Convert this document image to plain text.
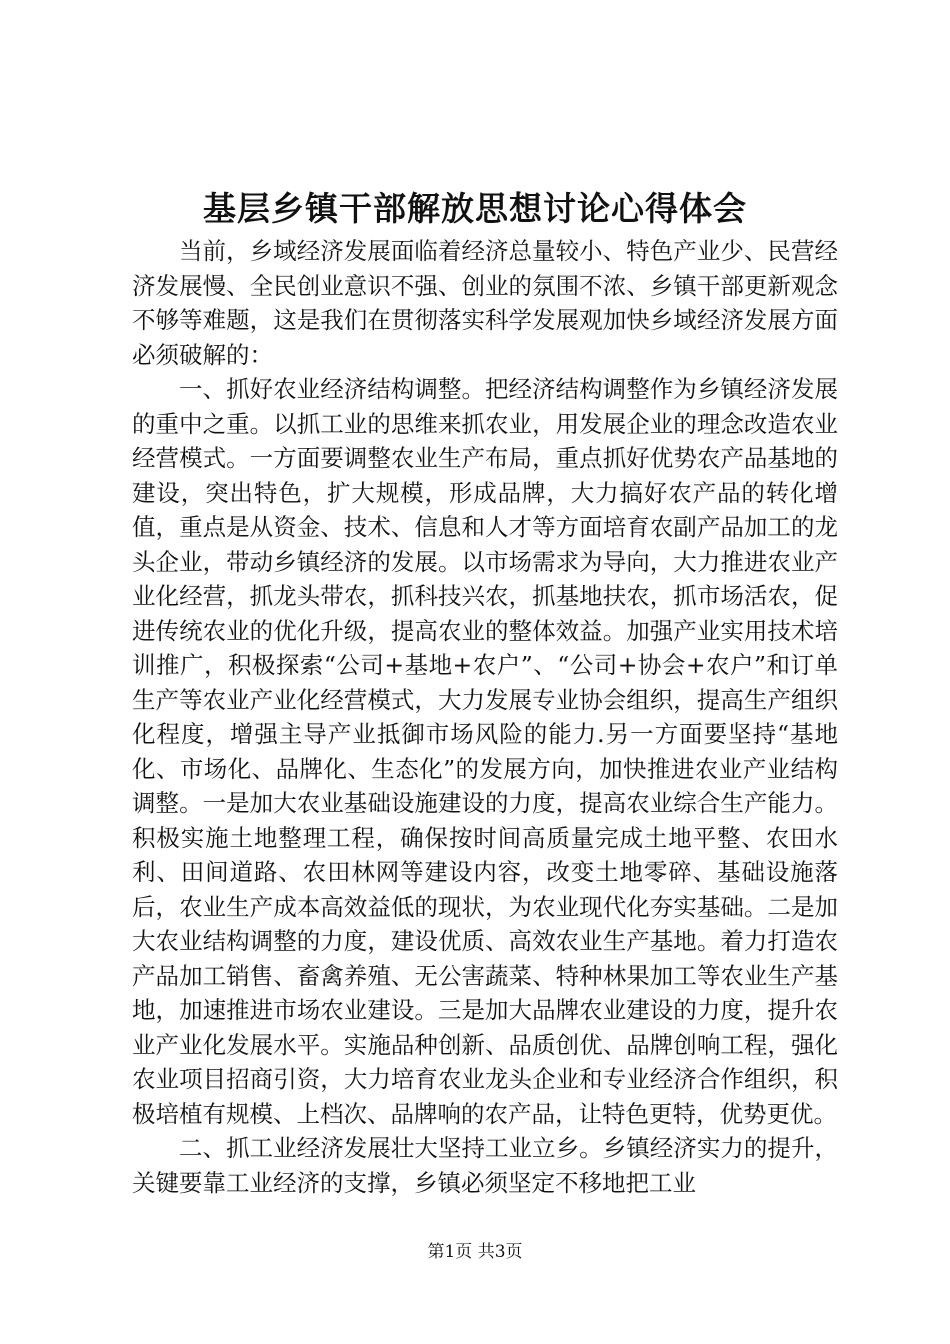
基层乡镇干部解放思想讨论心得体会

当前，乡域经济发展面临着经济总量较小、特色产业少、民营经济发展慢、全民创业意识不强、创业的氛围不浓、乡镇干部更新观念不够等难题，这是我们在贯彻落实科学发展观加快乡域经济发展方面必须破解的：

一、抓好农业经济结构调整。把经济结构调整作为乡镇经济发展的重中之重。以抓工业的思维来抓农业，用发展企业的理念改造农业经营模式。一方面要调整农业生产布局，重点抓好优势农产品基地的建设，突出特色，扩大规模，形成品牌，大力搞好农产品的转化增值，重点是从资金、技术、信息和人才等方面培育农副产品加工的龙头企业，带动乡镇经济的发展。以市场需求为导向，大力推进农业产业化经营，抓龙头带农，抓科技兴农，抓基地扶农，抓市场活农，促进传统农业的优化升级，提高农业的整体效益。加强产业实用技术培训推广，积极探索“公司+基地+农户”、“公司+协会+农户”和订单生产等农业产业化经营模式，大力发展专业协会组织，提高生产组织化程度，增强主导产业抵御市场风险的能力.另一方面要坚持“基地化、市场化、品牌化、生态化”的发展方向，加快推进农业产业结构调整。一是加大农业基础设施建设的力度，提高农业综合生产能力。积极实施土地整理工程，确保按时间高质量完成土地平整、农田水利、田间道路、农田林网等建设内容，改变土地零碎、基础设施落后，农业生产成本高效益低的现状，为农业现代化夯实基础。二是加大农业结构调整的力度，建设优质、高效农业生产基地。着力打造农产品加工销售、畜禽养殖、无公害蔬菜、特种林果加工等农业生产基地，加速推进市场农业建设。三是加大品牌农业建设的力度，提升农业产业化发展水平。实施品种创新、品质创优、品牌创响工程，强化农业项目招商引资，大力培育农业龙头企业和专业经济合作组织，积极培植有规模、上档次、品牌响的农产品，让特色更特，优势更优。

二、抓工业经济发展壮大坚持工业立乡。乡镇经济实力的提升，关键要靠工业经济的支撑，乡镇必须坚定不移地把工业

第1页 共3页
